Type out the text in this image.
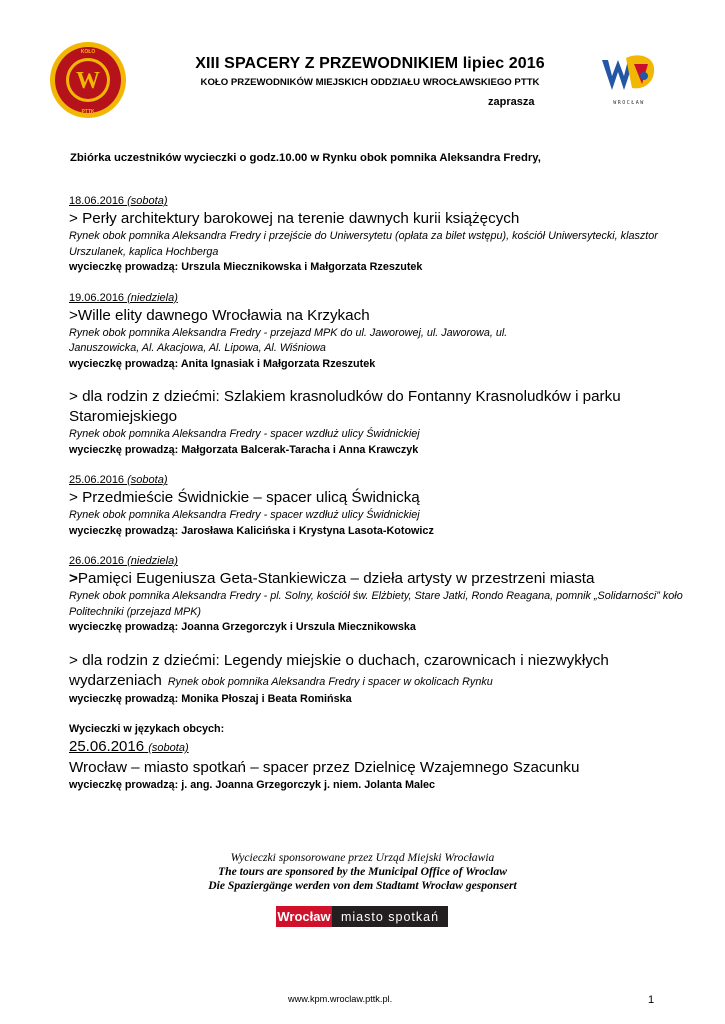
W
KOŁO
PTTK
XIII SPACERY Z PRZEWODNIKIEM lipiec 2016
KOŁO PRZEWODNIKÓW MIEJSKICH ODDZIAŁU WROCŁAWSKIEGO PTTK
zaprasza	WROCŁAW
Zbiórka uczestników wycieczki o godz.10.00 w Rynku obok pomnika Aleksandra Fredry,
18.06.2016 (sobota)
> Perły architektury barokowej na terenie dawnych kurii książęcych
Rynek obok pomnika Aleksandra Fredry i przejście do Uniwersytetu (opłata za bilet wstępu), kościół Uniwersytecki, klasztor Urszulanek, kaplica Hochberga
wycieczkę prowadzą: Urszula Miecznikowska i Małgorzata Rzeszutek
19.06.2016 (niedziela)
>Wille elity dawnego Wrocławia na Krzykach
Rynek obok pomnika Aleksandra Fredry - przejazd MPK do ul. Jaworowej, ul. Jaworowa, ul. Januszowicka, Al. Akacjowa, Al. Lipowa, Al. Wiśniowa
wycieczkę prowadzą: Anita Ignasiak i Małgorzata Rzeszutek
> dla rodzin z dziećmi: Szlakiem krasnoludków do Fontanny Krasnoludków i parku Staromiejskiego
Rynek obok pomnika Aleksandra Fredry - spacer wzdłuż ulicy Świdnickiej
wycieczkę prowadzą: Małgorzata Balcerak-Taracha i Anna Krawczyk
25.06.2016 (sobota)
> Przedmieście Świdnickie – spacer ulicą Świdnicką
Rynek obok pomnika Aleksandra Fredry - spacer wzdłuż ulicy Świdnickiej
wycieczkę prowadzą: Jarosława Kalicińska i Krystyna Lasota-Kotowicz
26.06.2016 (niedziela)
>Pamięci Eugeniusza Geta-Stankiewicza – dzieła artysty w przestrzeni miasta
Rynek obok pomnika Aleksandra Fredry - pl. Solny, kościół św. Elżbiety, Stare Jatki, Rondo Reagana, pomnik „Solidarności” koło Politechniki (przejazd MPK)
wycieczkę prowadzą: Joanna Grzegorczyk i Urszula Miecznikowska
> dla rodzin z dziećmi: Legendy miejskie o duchach, czarownicach i niezwykłych wydarzeniach Rynek obok pomnika Aleksandra Fredry i spacer w okolicach Rynku
wycieczkę prowadzą: Monika Płoszaj i Beata Romińska
Wycieczki w językach obcych:
25.06.2016 (sobota)
Wrocław – miasto spotkań – spacer przez Dzielnicę Wzajemnego Szacunku
wycieczkę prowadzą: j. ang. Joanna Grzegorczyk j. niem. Jolanta Malec
Wycieczki sponsorowane przez Urząd Miejski Wrocławia
The tours are sponsored by the Municipal Office of Wroclaw
Die Spaziergänge werden von dem Stadtamt Wrocław gesponsert
Wrocław miasto spotkań
www.kpm.wroclaw.pttk.pl.	1
